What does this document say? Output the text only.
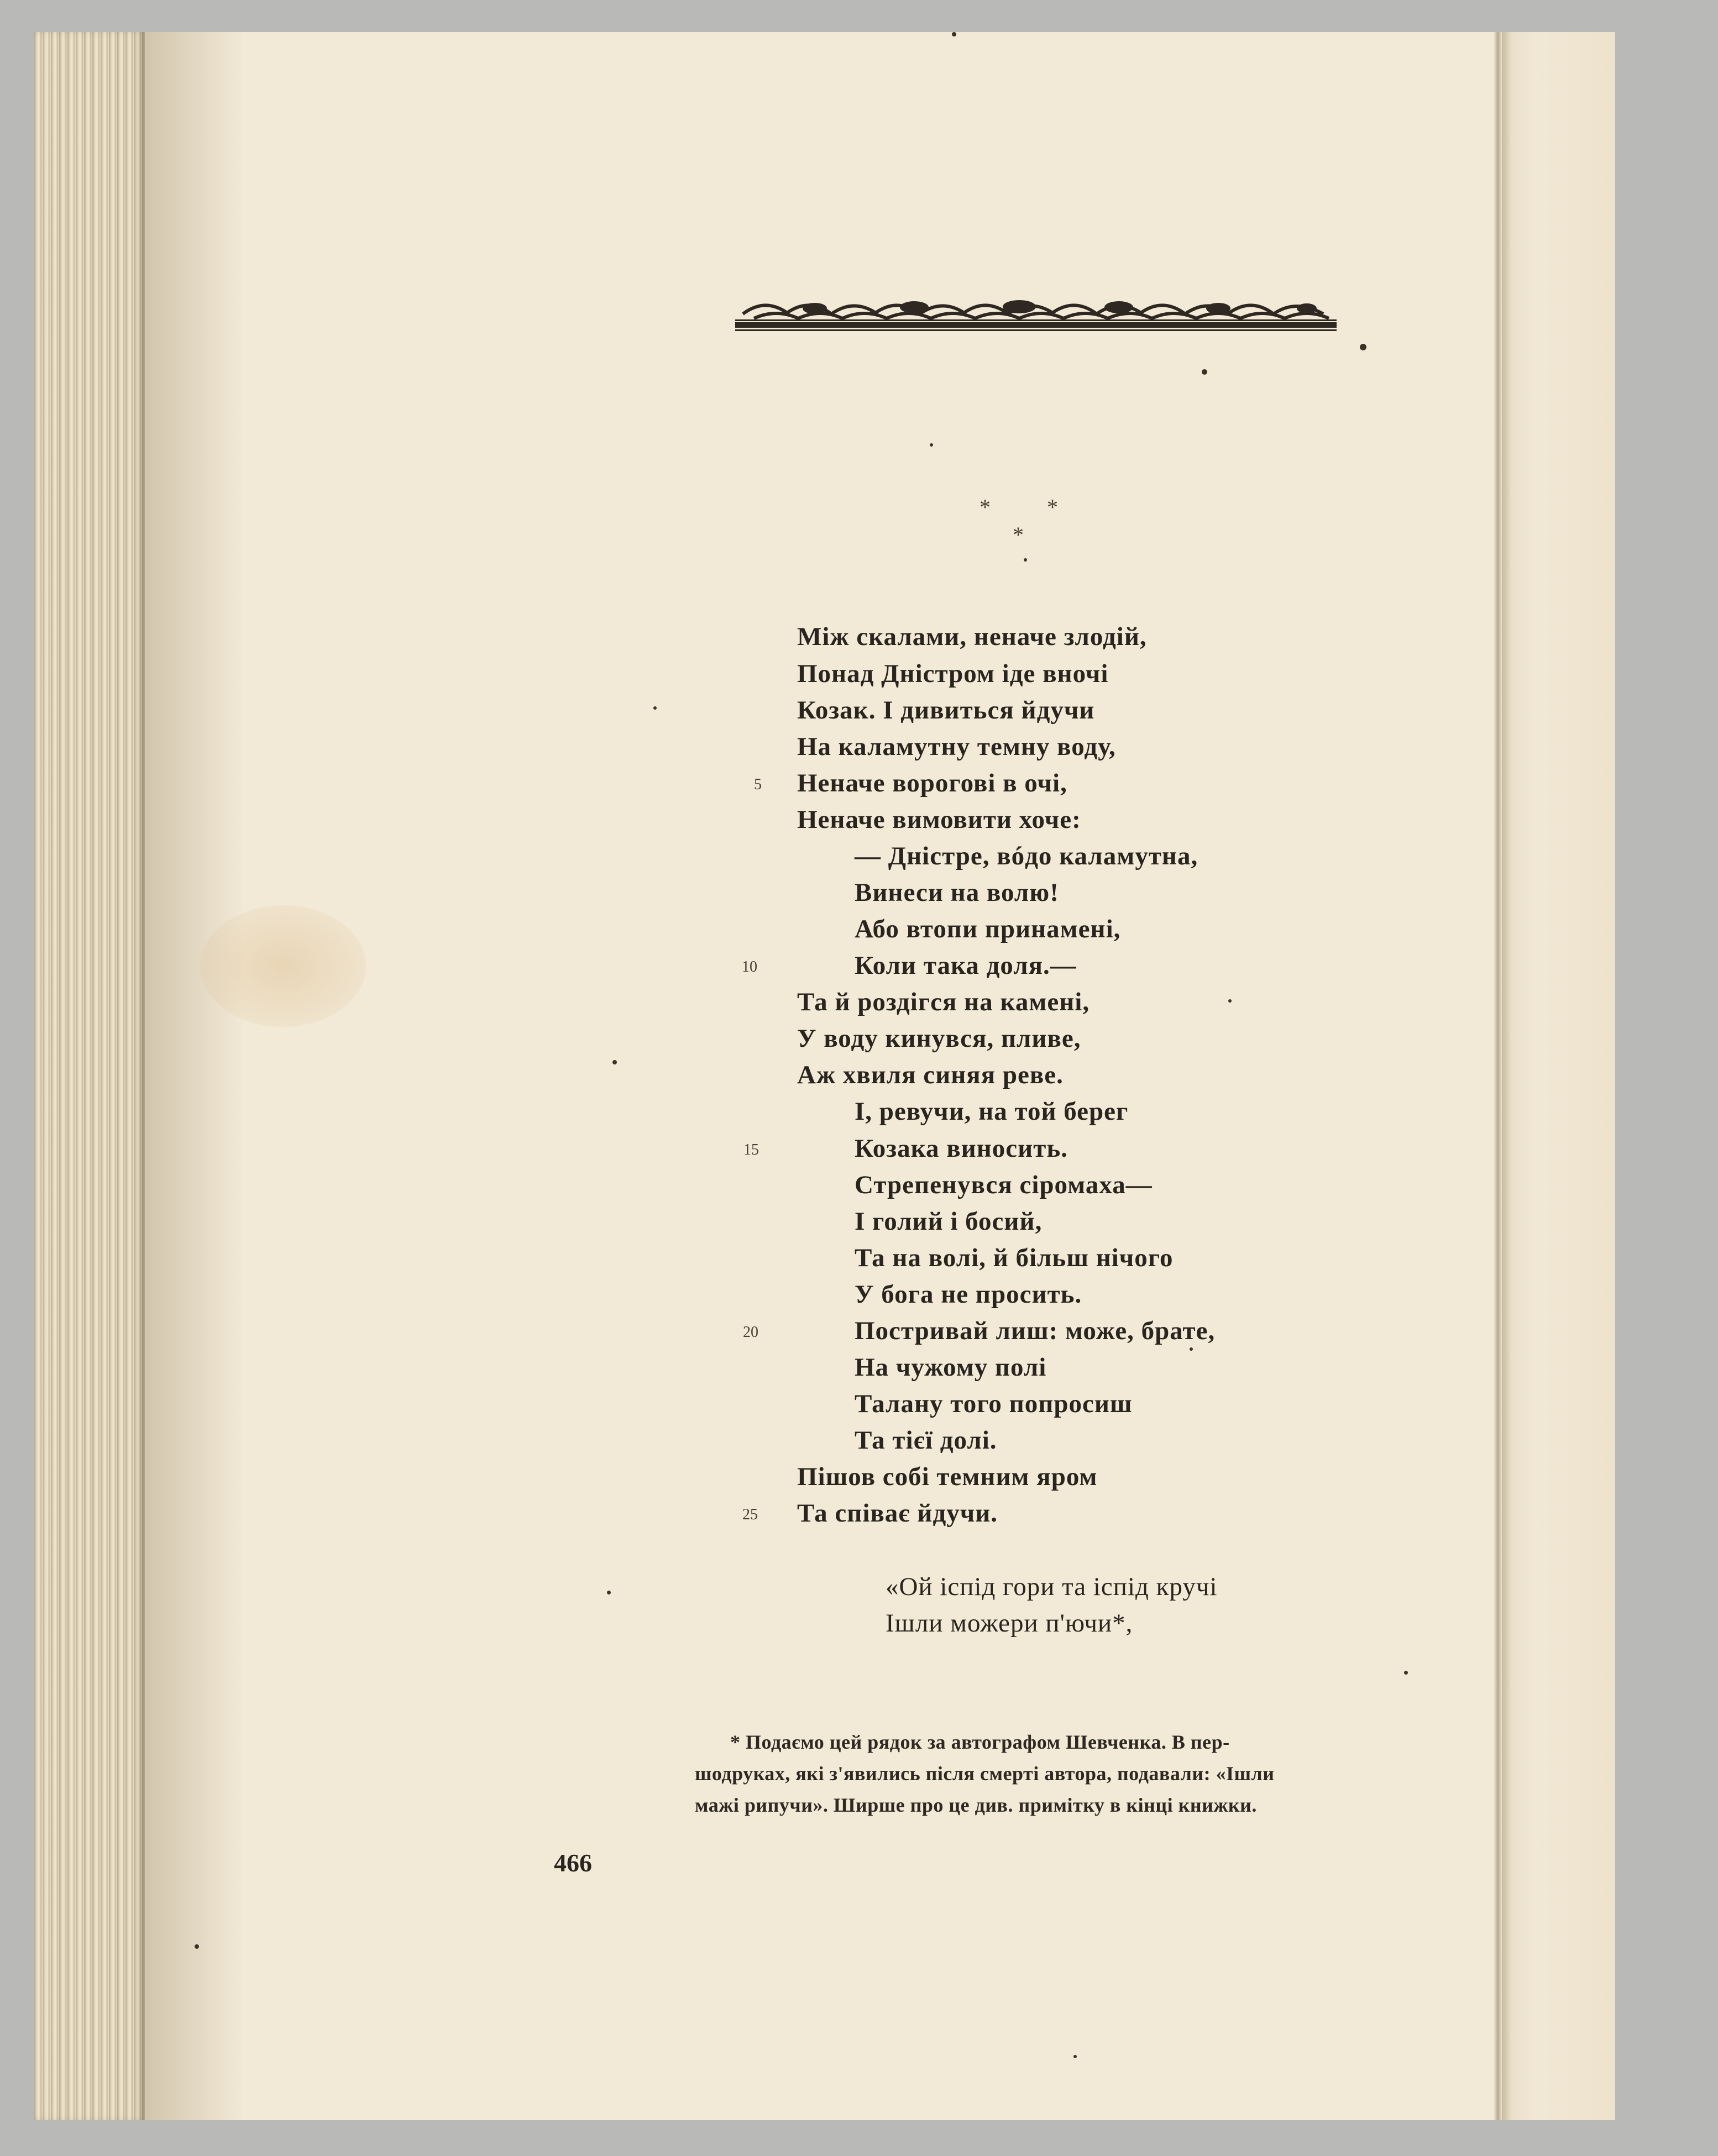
*	*
*
Між скалами, неначе злодій,
Понад Дністром іде вночі
Козак. І дивиться йдучи
На каламутну темну воду,
Неначе ворогові в очі,
Неначе вимовити хоче:
— Дністре, вóдо каламутна,
Винеси на волю!
Або втопи принамені,
Коли така доля.—
Та й роздігся на камені,
У воду кинувся, пливе,
Аж хвиля синяя реве.
І, ревучи, на той берег
Козака виносить.
Стрепенувся сіромаха—
І голий і босий,
Та на волі, й більш нічого
У бога не просить.
Постривай лиш: може, брате,
На чужому полі
Талану того попросиш
Та тієї долі.
Пішов собі темним яром
Та співає йдучи.
5
10
15
20
25
«Ой іспід гори та іспід кручі
Ішли можери п'ючи*,

* Подаємо цей рядок за автографом Шевченка. В пер-

шодруках, які з'явились після смерті автора, подавали: «Ішли

мажі рипучи». Ширше про це див. примітку в кінці книжки.

466
